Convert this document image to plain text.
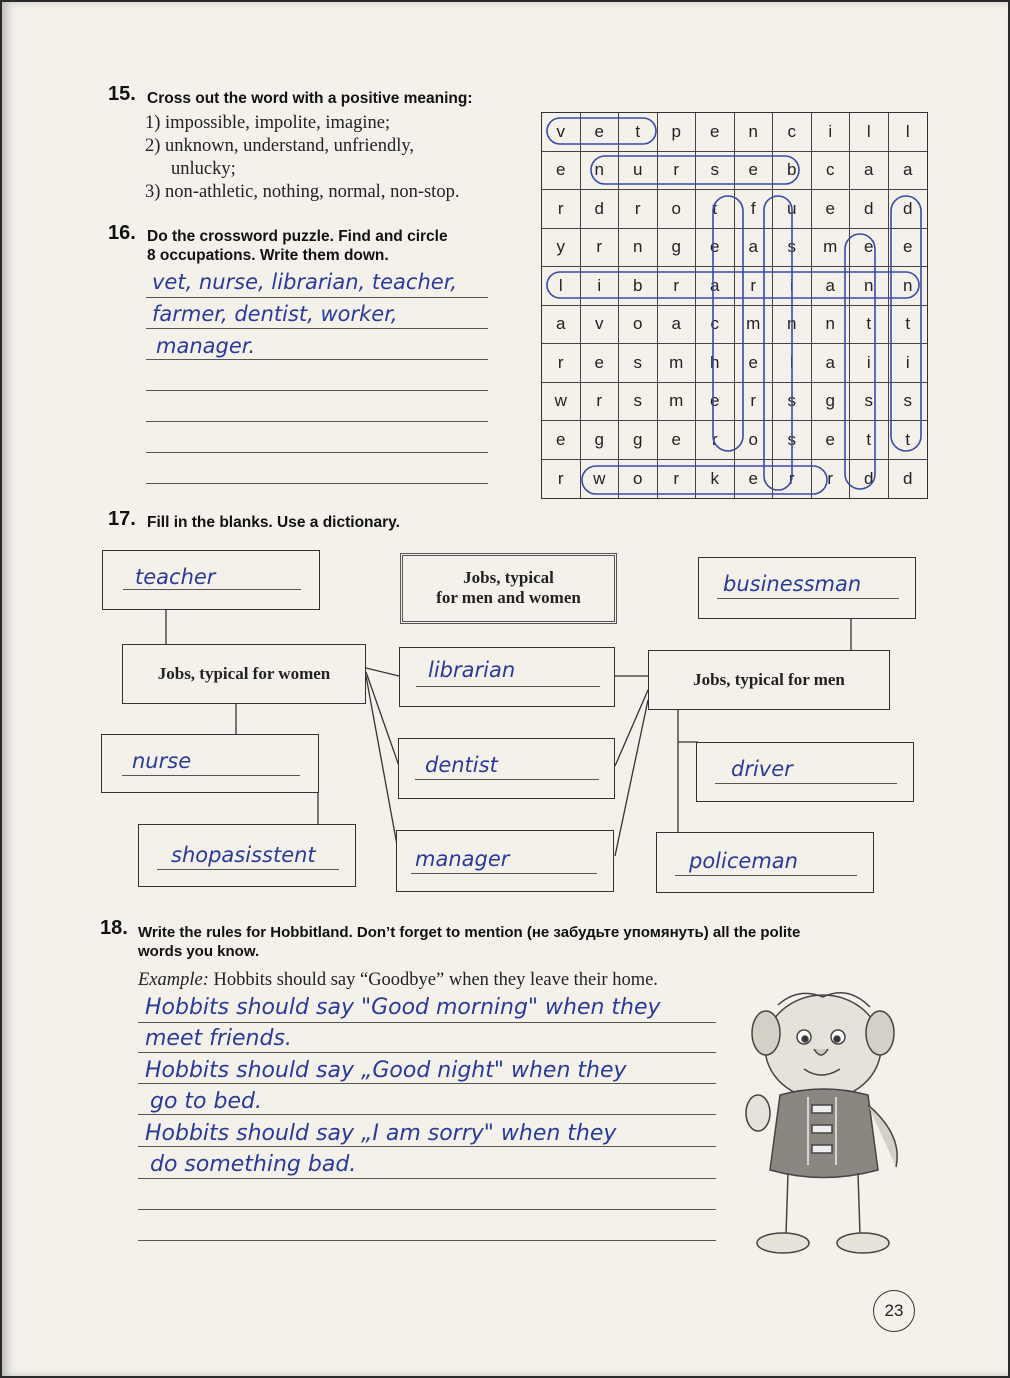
15. Cross out the word with a positive meaning:
1) impossible, impolite, imagine;
2) unknown, understand, unfriendly,
unlucky;
3) non-athletic, nothing, normal, non-stop.
16. Do the crossword puzzle. Find and circle
8 occupations. Write them down.
vet, nurse, librarian, teacher,
farmer, dentist, worker,
manager.
v	e	t	p	e	n	c	i	l	l
e	n	u	r	s	e	b	c	a	a
r	d	r	o	t	f	u	e	d	d
y	r	n	g	e	a	s	m	e	e
l	i	b	r	a	r	i	a	n	n
a	v	o	a	c	m	n	n	t	t
r	e	s	m	h	e	l	a	i	i
w	r	s	m	e	r	s	g	s	s
e	g	g	e	r	o	s	e	t	t
r	w	o	r	k	e	r	r	d	d
17. Fill in the blanks. Use a dictionary.
teacher	Jobs, typical
for men and women
businessman
Jobs, typical for women	librarian	Jobs, typical for men
nurse	dentist	driver
shopasisstent	manager	policeman
18. Write the rules for Hobbitland. Don’t forget to mention (не забудьте упомянуть) all the polite
words you know.
Example: Hobbits should say “Goodbye” when they leave their home.
Hobbits should say "Good morning" when they
meet friends.
Hobbits should say „Good night" when they
go to bed.
Hobbits should say „I am sorry" when they
do something bad.
23
